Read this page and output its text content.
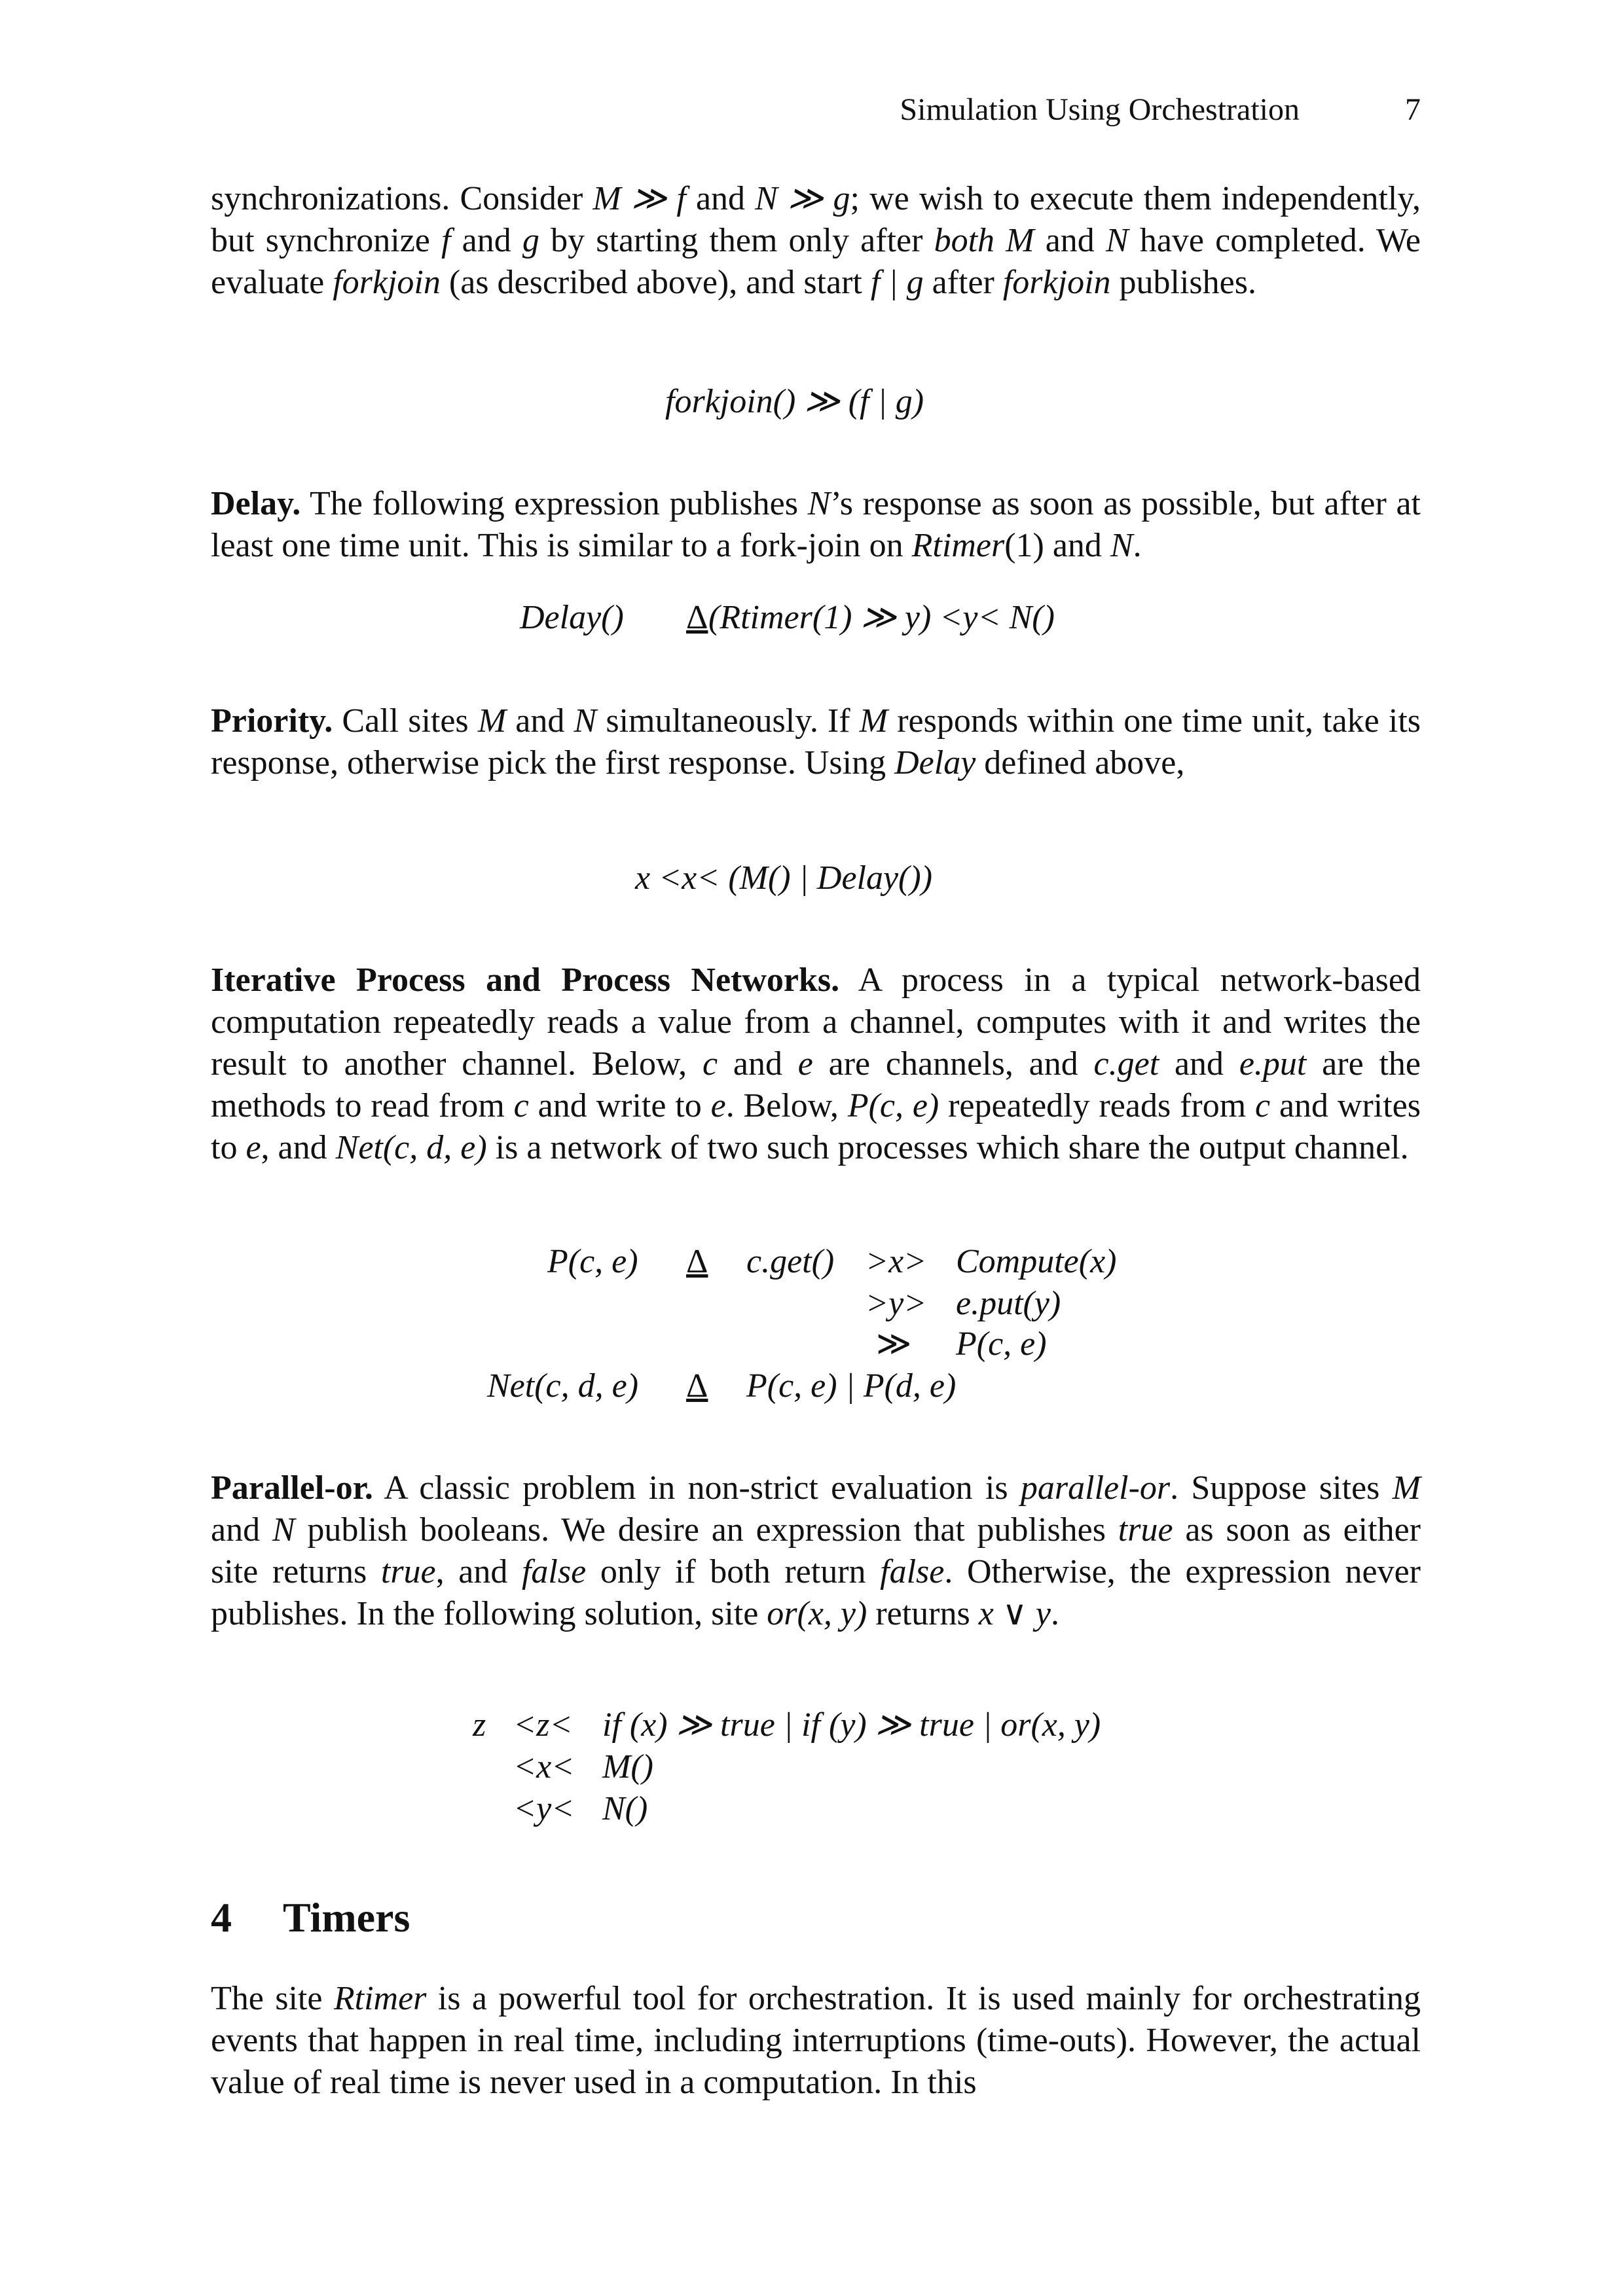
Simulation Using Orchestration	7

synchronizations. Consider M ≫ f and N ≫ g; we wish to execute them independently, but synchronize f and g by starting them only after both M and N have completed. We evaluate forkjoin (as described above), and start f | g after forkjoin publishes.

forkjoin() ≫ (f | g)

Delay. The following expression publishes N’s response as soon as possible, but after at least one time unit. This is similar to a fork-join on Rtimer(1) and N.

Delay() Δ (Rtimer(1) ≫ y) <y< N()

Priority. Call sites M and N simultaneously. If M responds within one time unit, take its response, otherwise pick the first response. Using Delay defined above,

x <x< (M() | Delay())

Iterative Process and Process Networks. A process in a typical network-based computation repeatedly reads a value from a channel, computes with it and writes the result to another channel. Below, c and e are channels, and c.get and e.put are the methods to read from c and write to e. Below, P(c, e) repeatedly reads from c and writes to e, and Net(c, d, e) is a network of two such processes which share the output channel.

P(c, e) Δ c.get() >x> Compute(x)
>y> e.put(y)
≫ P(c, e)
Net(c, d, e) Δ P(c, e) | P(d, e)

Parallel-or. A classic problem in non-strict evaluation is parallel-or. Suppose sites M and N publish booleans. We desire an expression that publishes true as soon as either site returns true, and false only if both return false. Otherwise, the expression never publishes. In the following solution, site or(x, y) returns x ∨ y.

z <z< if (x) ≫ true | if (y) ≫ true | or(x, y)
<x< M()
<y< N()
4 Timers

The site Rtimer is a powerful tool for orchestration. It is used mainly for orchestrating events that happen in real time, including interruptions (time-outs). However, the actual value of real time is never used in a computation. In this
